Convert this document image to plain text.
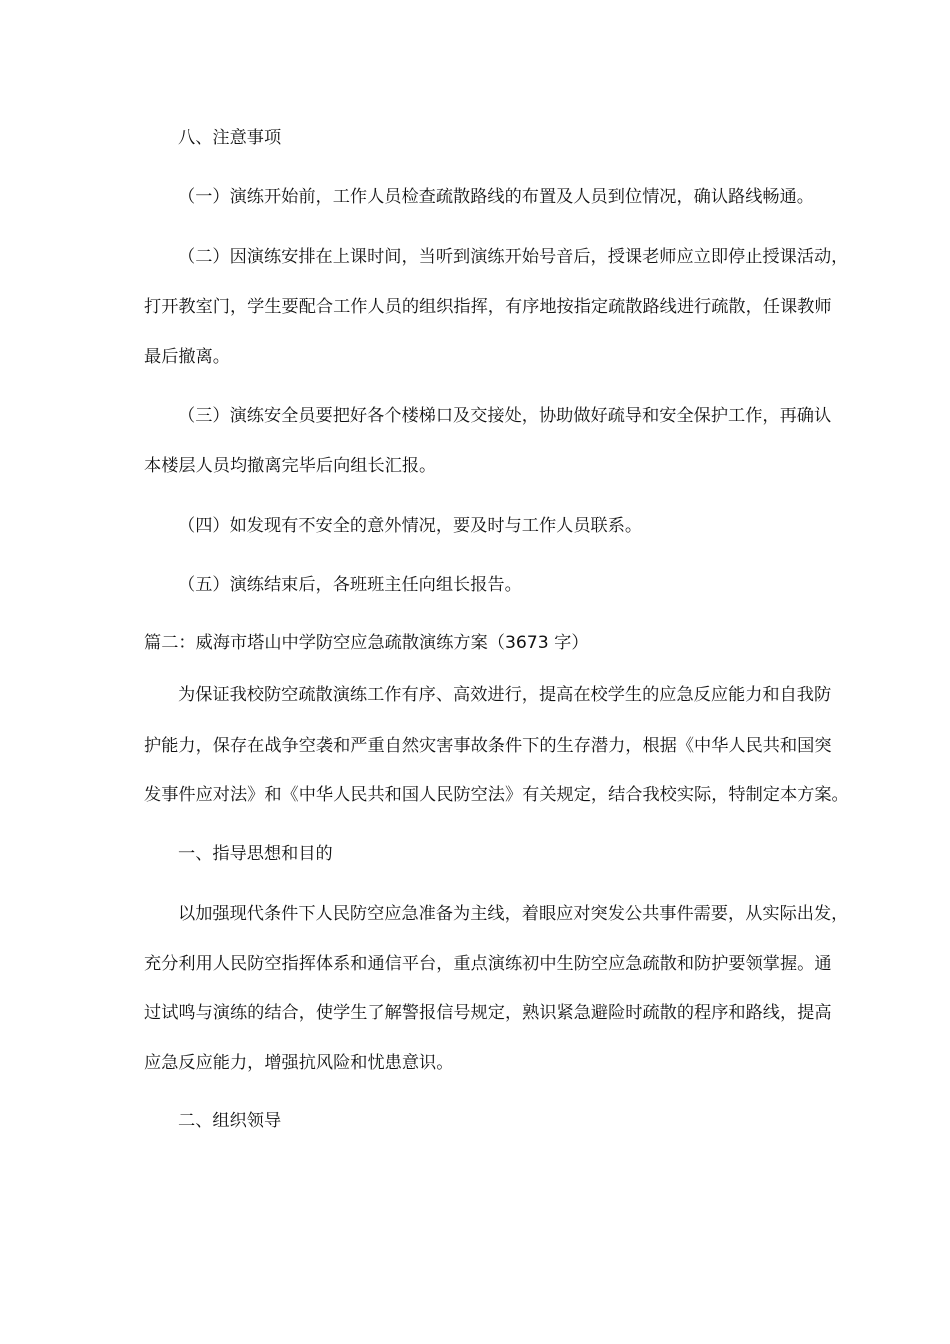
八、注意事项
（一）演练开始前，工作人员检查疏散路线的布置及人员到位情况，确认路线畅通。
（二）因演练安排在上课时间，当听到演练开始号音后，授课老师应立即停止授课活动，
打开教室门，学生要配合工作人员的组织指挥，有序地按指定疏散路线进行疏散，任课教师
最后撤离。
（三）演练安全员要把好各个楼梯口及交接处，协助做好疏导和安全保护工作，再确认
本楼层人员均撤离完毕后向组长汇报。
（四）如发现有不安全的意外情况，要及时与工作人员联系。
（五）演练结束后，各班班主任向组长报告。
篇二：威海市塔山中学防空应急疏散演练方案（3673 字）
为保证我校防空疏散演练工作有序、高效进行，提高在校学生的应急反应能力和自我防
护能力，保存在战争空袭和严重自然灾害事故条件下的生存潜力，根据《中华人民共和国突
发事件应对法》和《中华人民共和国人民防空法》有关规定，结合我校实际，特制定本方案。
一、指导思想和目的
以加强现代条件下人民防空应急准备为主线，着眼应对突发公共事件需要，从实际出发，
充分利用人民防空指挥体系和通信平台，重点演练初中生防空应急疏散和防护要领掌握。通
过试鸣与演练的结合，使学生了解警报信号规定，熟识紧急避险时疏散的程序和路线，提高
应急反应能力，增强抗风险和忧患意识。
二、组织领导
